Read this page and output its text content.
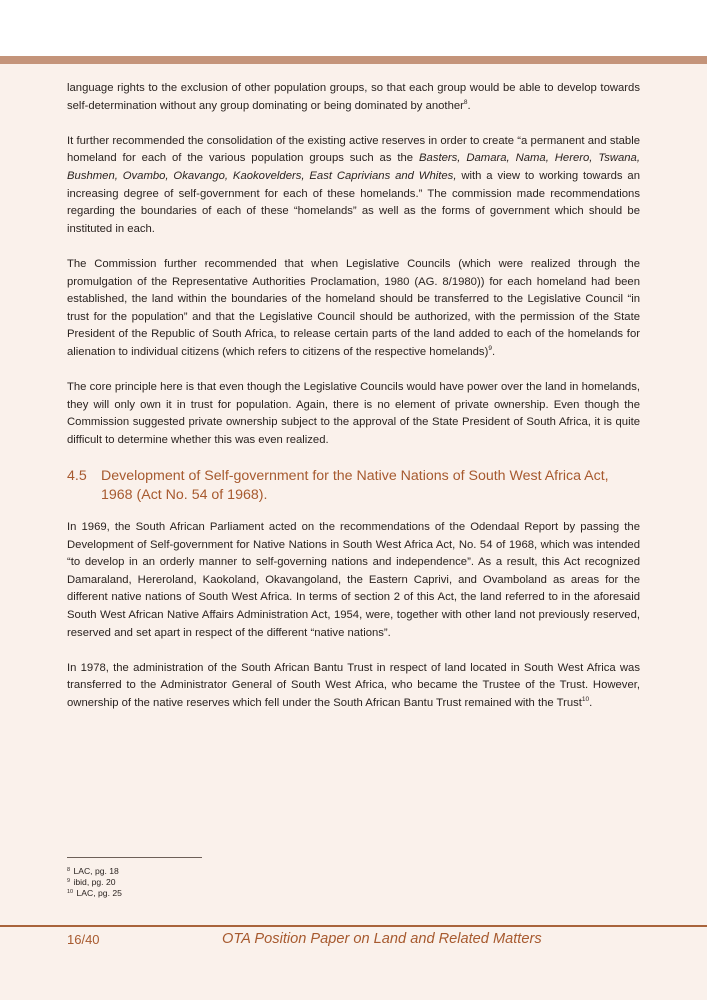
language rights to the exclusion of other population groups, so that each group would be able to develop towards self-determination without any group dominating or being dominated by another$^8$.

It further recommended the consolidation of the existing active reserves in order to create “a permanent and stable homeland for each of the various population groups such as the Basters, Damara, Nama, Herero, Tswana, Bushmen, Ovambo, Okavango, Kaokovelders, East Caprivians and Whites, with a view to working towards an increasing degree of self-government for each of these homelands.” The commission made recommendations regarding the boundaries of each of these “homelands” as well as the forms of government which should be instituted in each.

The Commission further recommended that when Legislative Councils (which were realized through the promulgation of the Representative Authorities Proclamation, 1980 (AG. 8/1980)) for each homeland had been established, the land within the boundaries of the homeland should be transferred to the Legislative Council “in trust for the population” and that the Legislative Council should be authorized, with the permission of the State President of the Republic of South Africa, to release certain parts of the land added to each of the homelands for alienation to individual citizens (which refers to citizens of the respective homelands)$^9$.

The core principle here is that even though the Legislative Councils would have power over the land in homelands, they will only own it in trust for population. Again, there is no element of private ownership. Even though the Commission suggested private ownership subject to the approval of the State President of South Africa, it is quite difficult to determine whether this was even realized.

4.5	Development of Self-government for the Native Nations of South West Africa Act, 1968 (Act No. 54 of 1968).

In 1969, the South African Parliament acted on the recommendations of the Odendaal Report by passing the Development of Self-government for Native Nations in South West Africa Act, No. 54 of 1968, which was intended “to develop in an orderly manner to self-governing nations and independence”. As a result, this Act recognized Damaraland, Hereroland, Kaokoland, Okavangoland, the Eastern Caprivi, and Ovamboland as areas for the different native nations of South West Africa. In terms of section 2 of this Act, the land referred to in the aforesaid South West African Native Affairs Administration Act, 1954, were, together with other land not previously reserved, reserved and set apart in respect of the different “native nations”.

In 1978, the administration of the South African Bantu Trust in respect of land located in South West Africa was transferred to the Administrator General of South West Africa, who became the Trustee of the Trust. However, ownership of the native reserves which fell under the South African Bantu Trust remained with the Trust$^{10}$.

$^8$ LAC, pg. 18
$^9$ ibid, pg. 20
$^{10}$ LAC, pg. 25
16/40	OTA Position Paper on Land and Related Matters
